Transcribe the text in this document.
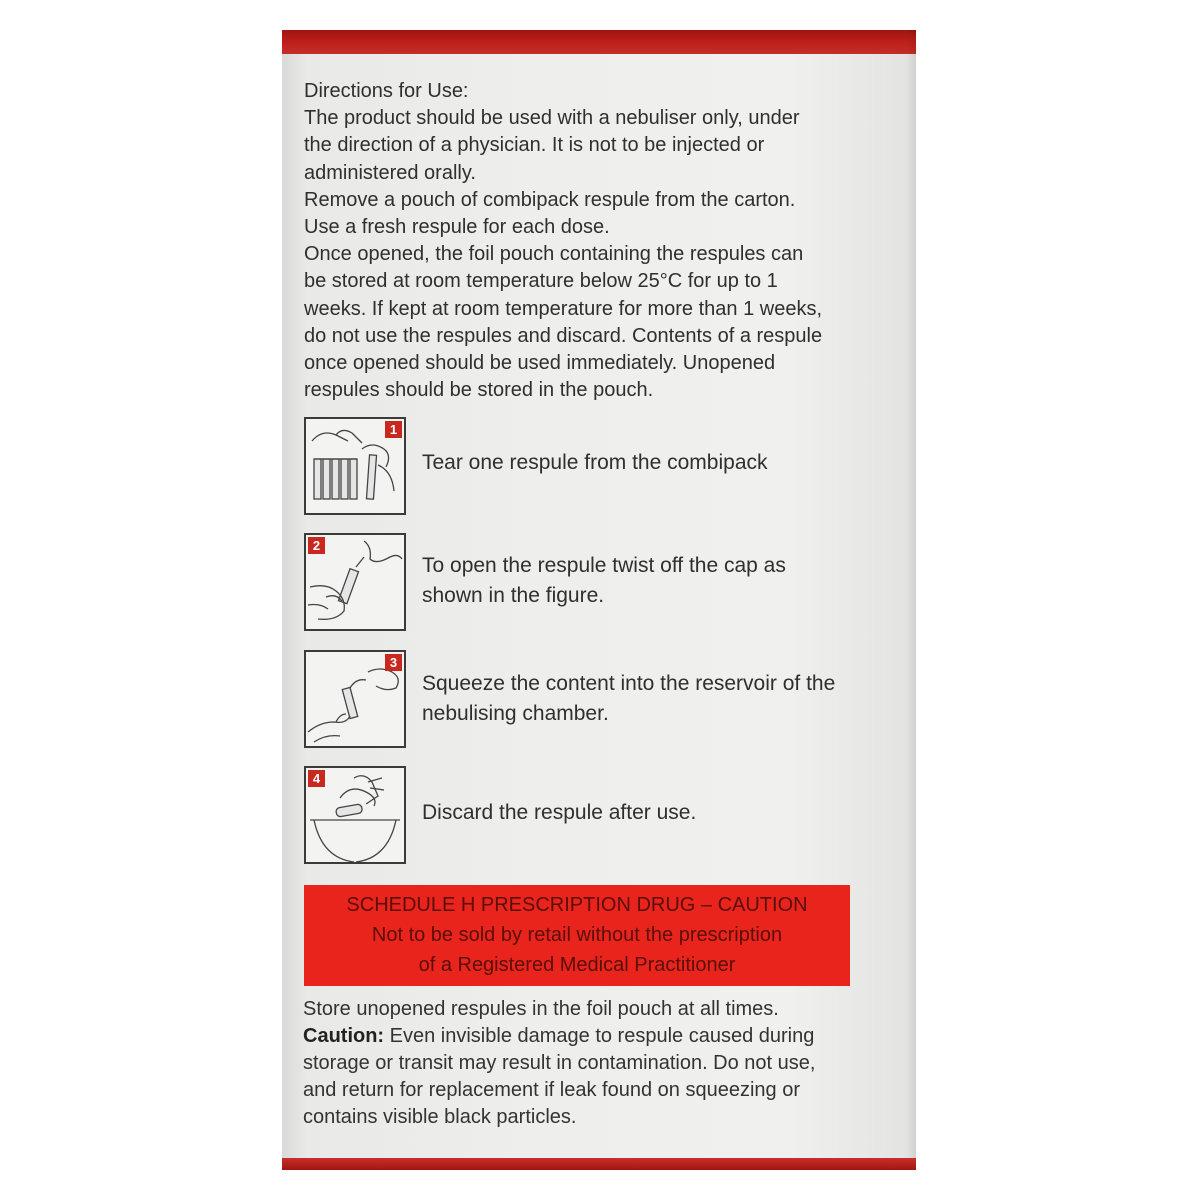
Directions for Use:
The product should be used with a nebuliser only, under
the direction of a physician. It is not to be injected or
administered orally.
Remove a pouch of combipack respule from the carton.
Use a fresh respule for each dose.
Once opened, the foil pouch containing the respules can
be stored at room temperature below 25°C for up to 1
weeks. If kept at room temperature for more than 1 weeks,
do not use the respules and discard. Contents of a respule
once opened should be used immediately. Unopened
respules should be stored in the pouch.
1
Tear one respule from the combipack
2
To open the respule twist off the cap as
shown in the figure.
3
Squeeze the content into the reservoir of the
nebulising chamber.
4
Discard the respule after use.
SCHEDULE H PRESCRIPTION DRUG – CAUTION
Not to be sold by retail without the prescription
of a Registered Medical Practitioner
Store unopened respules in the foil pouch at all times.
Caution: Even invisible damage to respule caused during
storage or transit may result in contamination. Do not use,
and return for replacement if leak found on squeezing or
contains visible black particles.
